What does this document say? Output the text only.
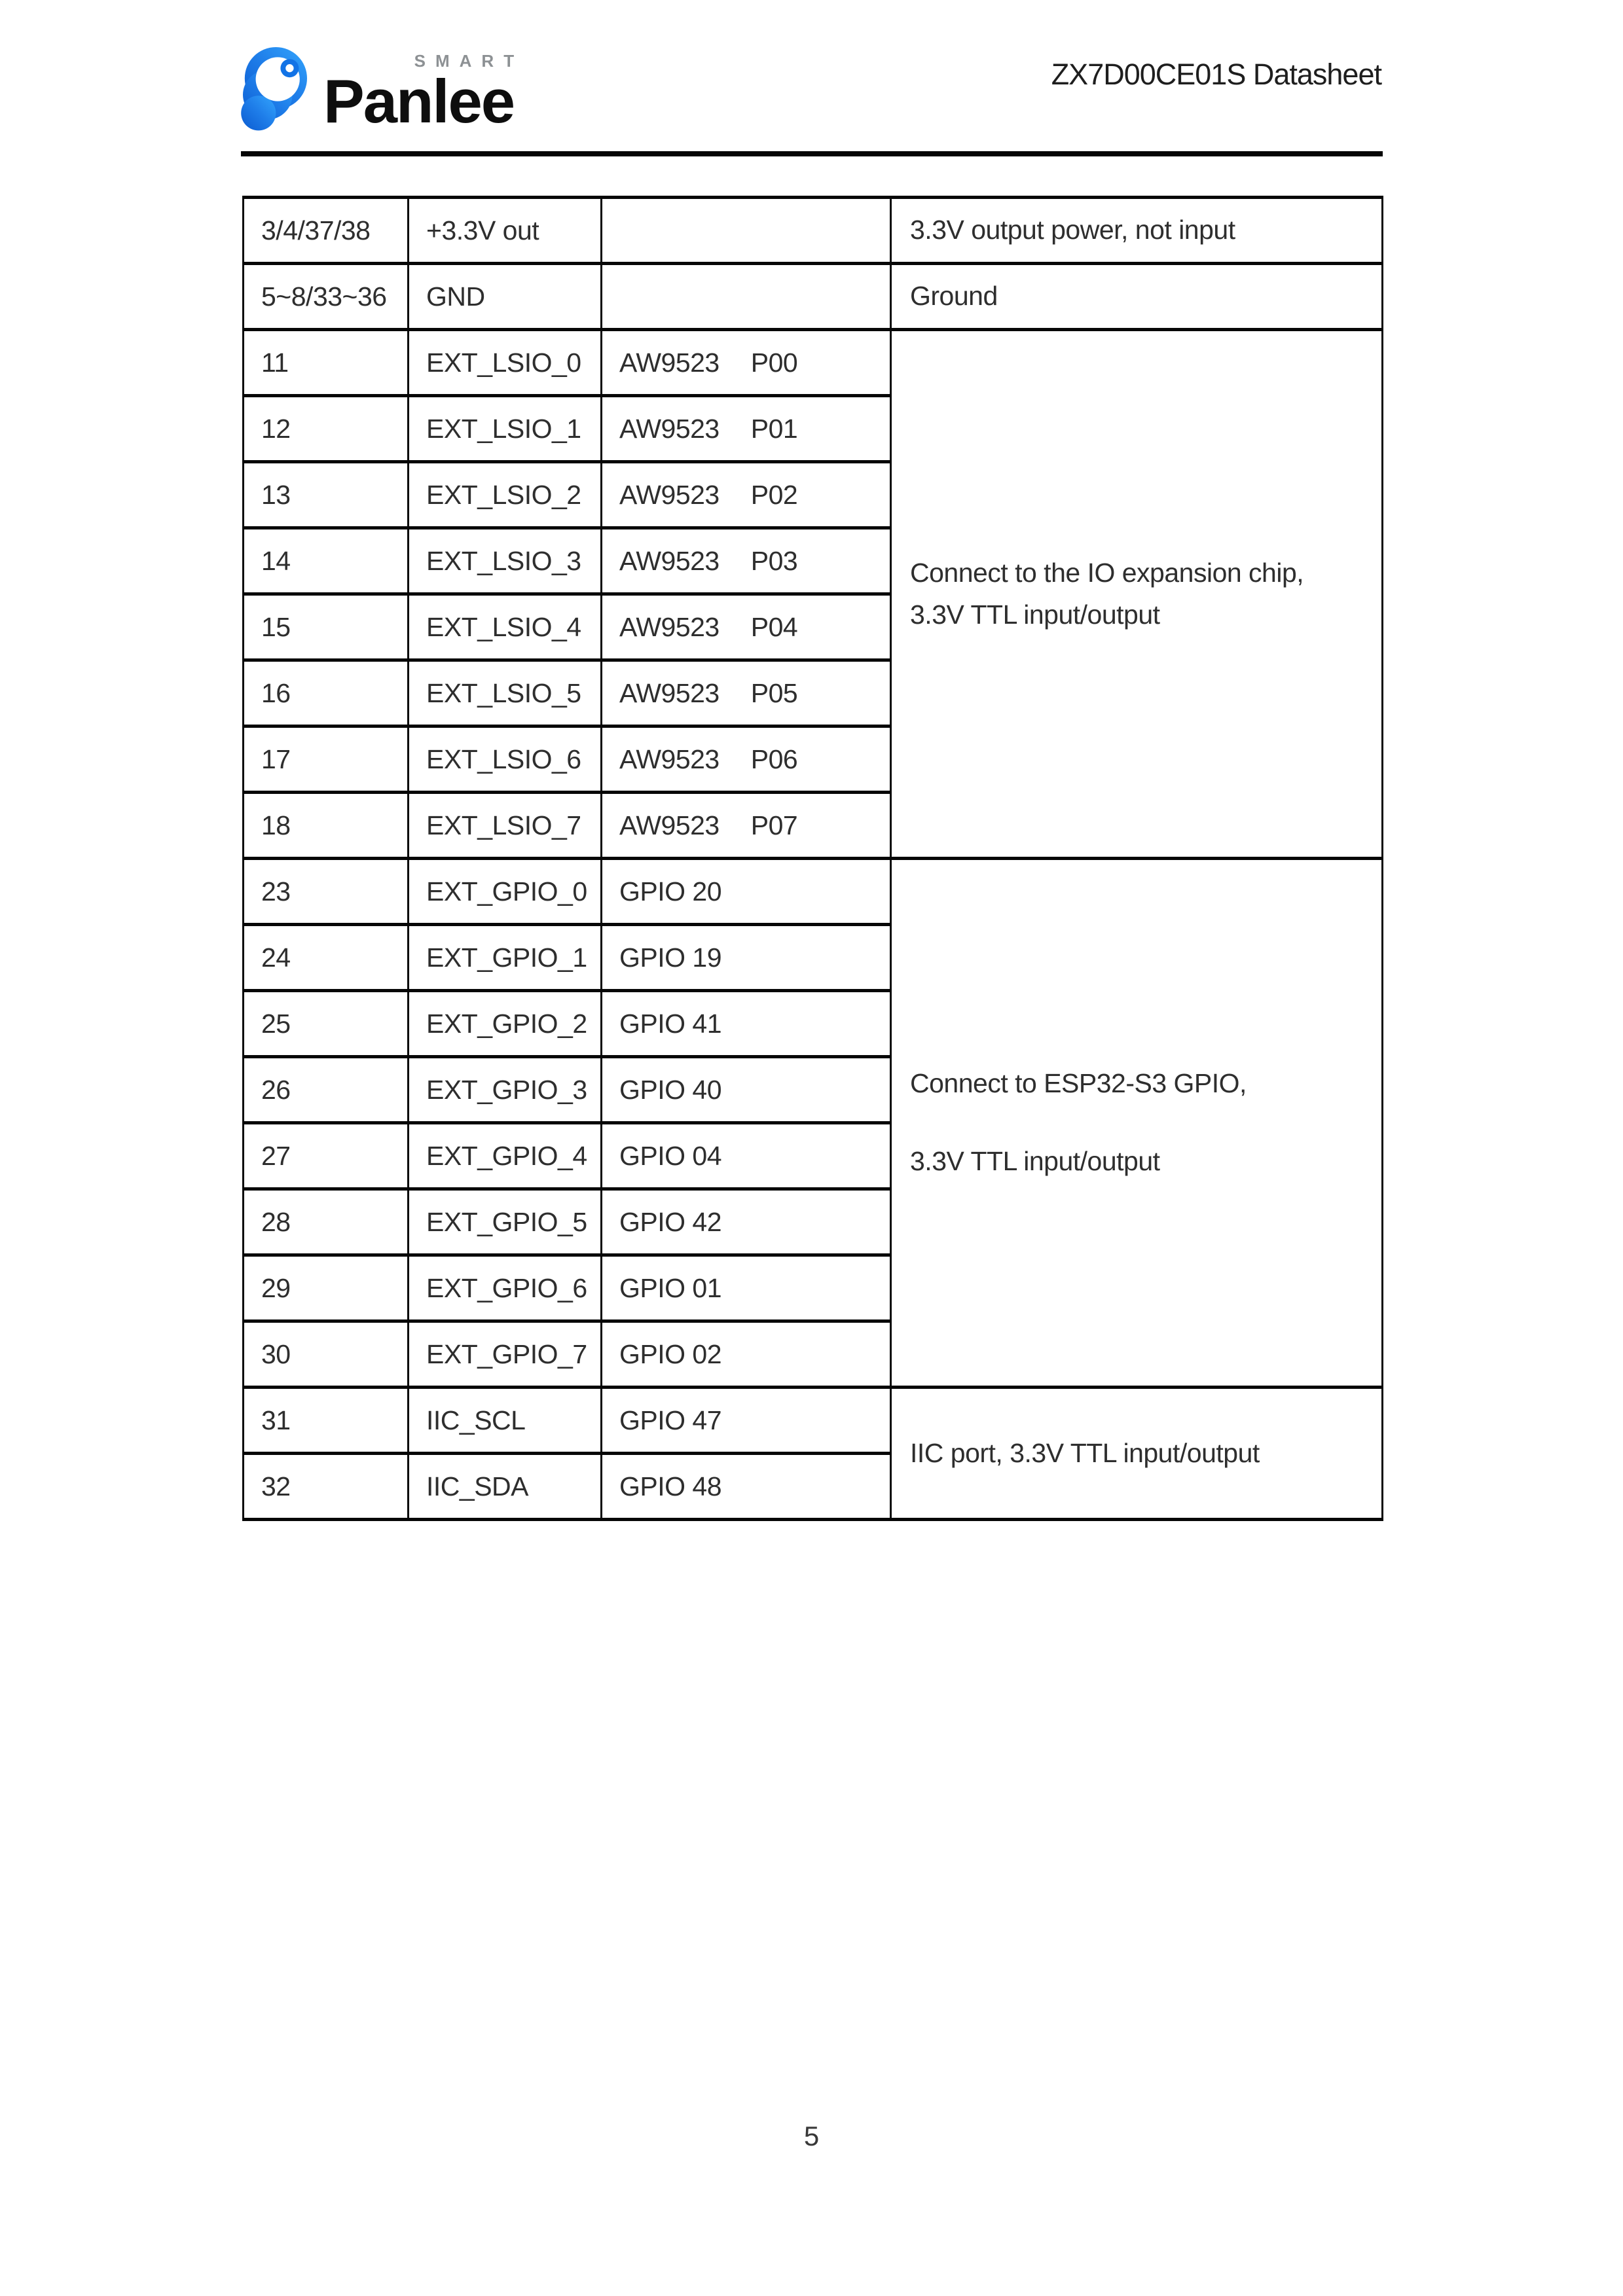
SMART
Panlee	ZX7D00CE01S Datasheet
3/4/37/38	+3.3V out		3.3V output power, not input

5~8/33~36	GND		Ground

11	EXT_LSIO_0	AW9523 P00	Connect to the IO expansion chip,
3.3V TTL input/output

12	EXT_LSIO_1	AW9523 P01	
13	EXT_LSIO_2	AW9523 P02	
14	EXT_LSIO_3	AW9523 P03	
15	EXT_LSIO_4	AW9523 P04	
16	EXT_LSIO_5	AW9523 P05	
17	EXT_LSIO_6	AW9523 P06	
18	EXT_LSIO_7	AW9523 P07	
23	EXT_GPIO_0	GPIO 20	Connect to ESP32-S3 GPIO,
3.3V TTL input/output

24	EXT_GPIO_1	GPIO 19	
25	EXT_GPIO_2	GPIO 41	
26	EXT_GPIO_3	GPIO 40	
27	EXT_GPIO_4	GPIO 04	
28	EXT_GPIO_5	GPIO 42	
29	EXT_GPIO_6	GPIO 01	
30	EXT_GPIO_7	GPIO 02	
31	IIC_SCL	GPIO 47	IIC port, 3.3V TTL input/output

32	IIC_SDA	GPIO 48	
5
